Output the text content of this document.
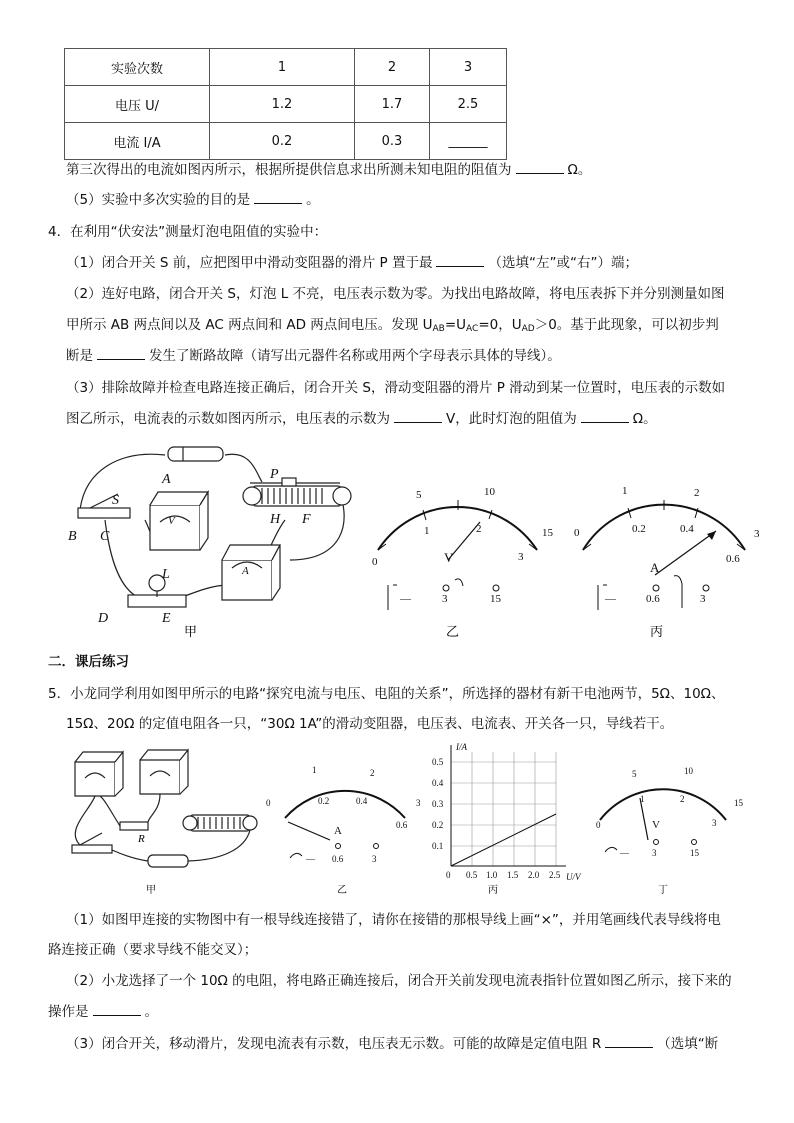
实验次数	1	2	3
电压 U/	1.2	1.7	2.5
电流 I/A	0.2	0.3	______
第三次得出的电流如图丙所示，根据所提供信息求出所测未知电阻的阻值为	Ω。
（5）实验中多次实验的目的是	。
4．在利用“伏安法”测量灯泡电阻值的实验中：
（1）闭合开关 S 前，应把图甲中滑动变阻器的滑片 P 置于最	（选填“左”或“右”）端；
（2）连好电路，闭合开关 S，灯泡 L 不亮，电压表示数为零。为找出电路故障，将电压表拆下并分别测量如图
甲所示 AB 两点间以及 AC 两点间和 AD 两点间电压。发现 $U_{AB}=U_{AC}=0$，$U_{AD}>0$。基于此现象，可以初步判
断是	发生了断路故障（请写出元器件名称或用两个字母表示具体的导线）。
（3）排除故障并检查电路连接正确后，闭合开关 S，滑动变阻器的滑片 P 滑动到某一位置时，电压表的示数如
图乙所示，电流表的示数如图丙所示，电压表的示数为	V，此时灯泡的阻值为	Ω。
A
B C
D	E
F
H
P
S
L
V
A
甲
5	10
0
1	2
3
15
V
—	3	15
乙
1	2
0	0.2	0.4
0.6
3
A
—	0.6	3
丙
二．课后练习
5．小龙同学利用如图甲所示的电路“探究电流与电压、电阻的关系”，所选择的器材有新干电池两节，5Ω、10Ω、
15Ω、20Ω 的定值电阻各一只，“30Ω 1A”的滑动变阻器，电压表、电流表、开关各一只，导线若干。
R
甲
1	2
0	0.2	0.4
0.6
3
A
— 0.6	3
乙
I/A
U/V
0.5
0.4
0.3
0.2
0.1
0 0.5 1.0 1.5 2.0 2.5
丙
5	10
0
1	2
3
15
V
—	3	15
丁
（1）如图甲连接的实物图中有一根导线连接错了，请你在接错的那根导线上画“×”，并用笔画线代表导线将电
路连接正确（要求导线不能交叉）；
（2）小龙选择了一个 10Ω 的电阻，将电路正确连接后，闭合开关前发现电流表指针位置如图乙所示，接下来的
操作是	。
（3）闭合开关，移动滑片，发现电流表有示数，电压表无示数。可能的故障是定值电阻 R	（选填“断
